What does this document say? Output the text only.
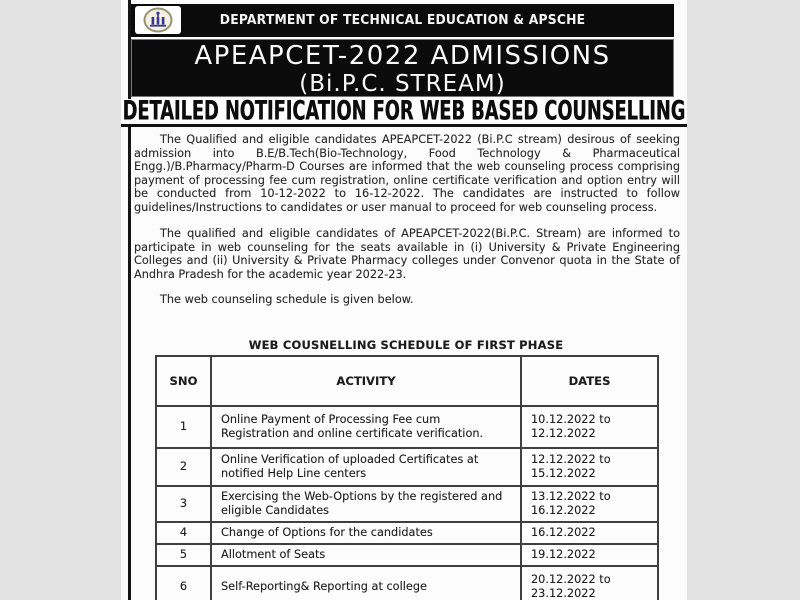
DEPARTMENT OF TECHNICAL EDUCATION & APSCHE
APEAPCET-2022 ADMISSIONS
(Bi.P.C. STREAM)
DETAILED NOTIFICATION FOR WEB BASED COUNSELLING

The Qualified and eligible candidates APEAPCET-2022 (Bi.P.C stream) desirous of seeking admission into B.E/B.Tech(Bio-Technology, Food Technology & Pharmaceutical Engg.)/B.Pharmacy/Pharm-D Courses are informed that the web counseling process comprising payment of processing fee cum registration, online certificate verification and option entry will be conducted from 10-12-2022 to 16-12-2022. The candidates are instructed to follow guidelines/Instructions to candidates or user manual to proceed for web counseling process.

The qualified and eligible candidates of APEAPCET-2022(Bi.P.C. Stream) are informed to participate in web counseling for the seats available in (i) University & Private Engineering Colleges and (ii) University & Private Pharmacy colleges under Convenor quota in the State of Andhra Pradesh for the academic year 2022-23.

The web counseling schedule is given below.

WEB COUSNELLING SCHEDULE OF FIRST PHASE
SNO	ACTIVITY	DATES
1	Online Payment of Processing Fee cum Registration and online certificate verification.	10.12.2022 to 12.12.2022
2	Online Verification of uploaded Certificates at notified Help Line centers	12.12.2022 to 15.12.2022
3	Exercising the Web-Options by the registered and eligible Candidates	13.12.2022 to 16.12.2022
4	Change of Options for the candidates	16.12.2022
5	Allotment of Seats	19.12.2022
6	Self-Reporting& Reporting at college	20.12.2022 to 23.12.2022
